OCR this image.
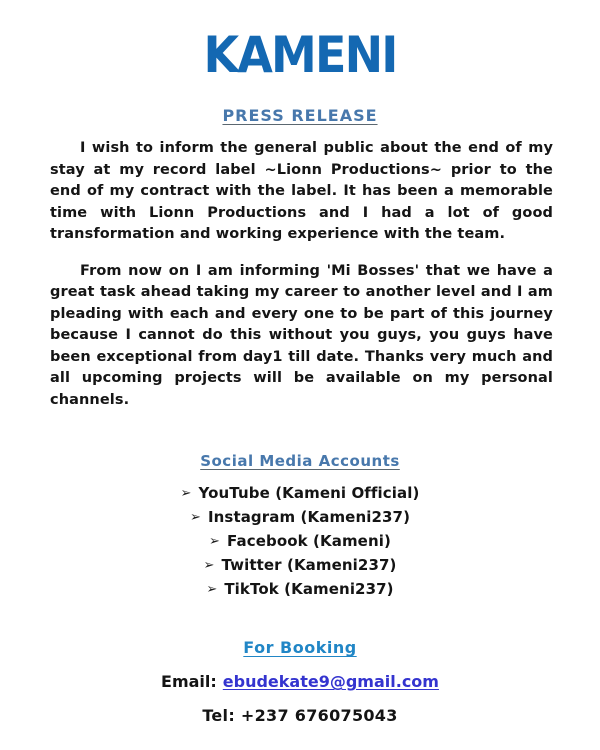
KAMENI
PRESS RELEASE

I wish to inform the general public about the end of my stay at my record label ~Lionn Productions~ prior to the end of my contract with the label. It has been a memorable time with Lionn Productions and I had a lot of good transformation and working experience with the team.

From now on I am informing 'Mi Bosses' that we have a great task ahead taking my career to another level and I am pleading with each and every one to be part of this journey because I cannot do this without you guys, you guys have been exceptional from day1 till date. Thanks very much and all upcoming projects will be available on my personal channels.

Social Media Accounts
➢ YouTube (Kameni Official)
➢ Instagram (Kameni237)
➢ Facebook (Kameni)
➢ Twitter (Kameni237)
➢ TikTok (Kameni237)
For Booking
Email: ebudekate9@gmail.com
Tel: +237 676075043
